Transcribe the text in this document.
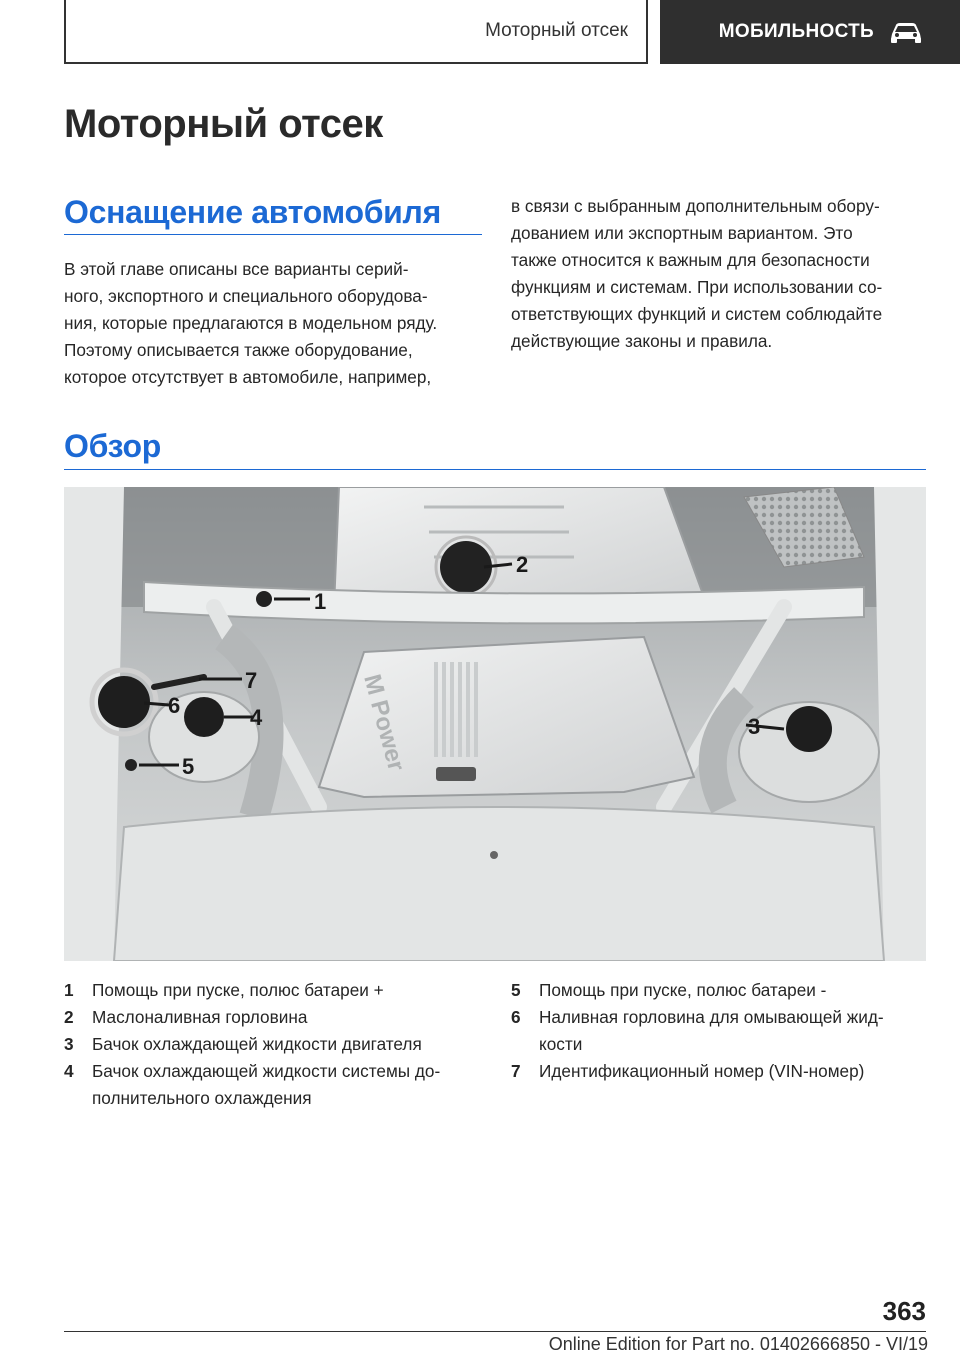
Моторный отсек	МОБИЛЬНОСТЬ
Моторный отсек
Оснащение автомобиля

В этой главе описаны все варианты серий-
ного, экспортного и специального оборудова-
ния, которые предлагаются в модельном ряду.
Поэтому описывается также оборудование,
которое отсутствует в автомобиле, например,

в связи с выбранным дополнительным обору-
дованием или экспортным вариантом. Это
также относится к важным для безопасности
функциям и системам. При использовании со-
ответствующих функций и систем соблюдайте
действующие законы и правила.

Обзор
M Power
1
2
3
4
5
6
7
1	Помощь при пуске, полюс батареи +
2	Маслоналивная горловина
3	Бачок охлаждающей жидкости двигателя
4	Бачок охлаждающей жидкости системы до-
полнительного охлаждения
5	Помощь при пуске, полюс батареи -
6	Наливная горловина для омывающей жид-
кости
7	Идентификационный номер (VIN-номер)
363
Online Edition for Part no. 01402666850 - VI/19
